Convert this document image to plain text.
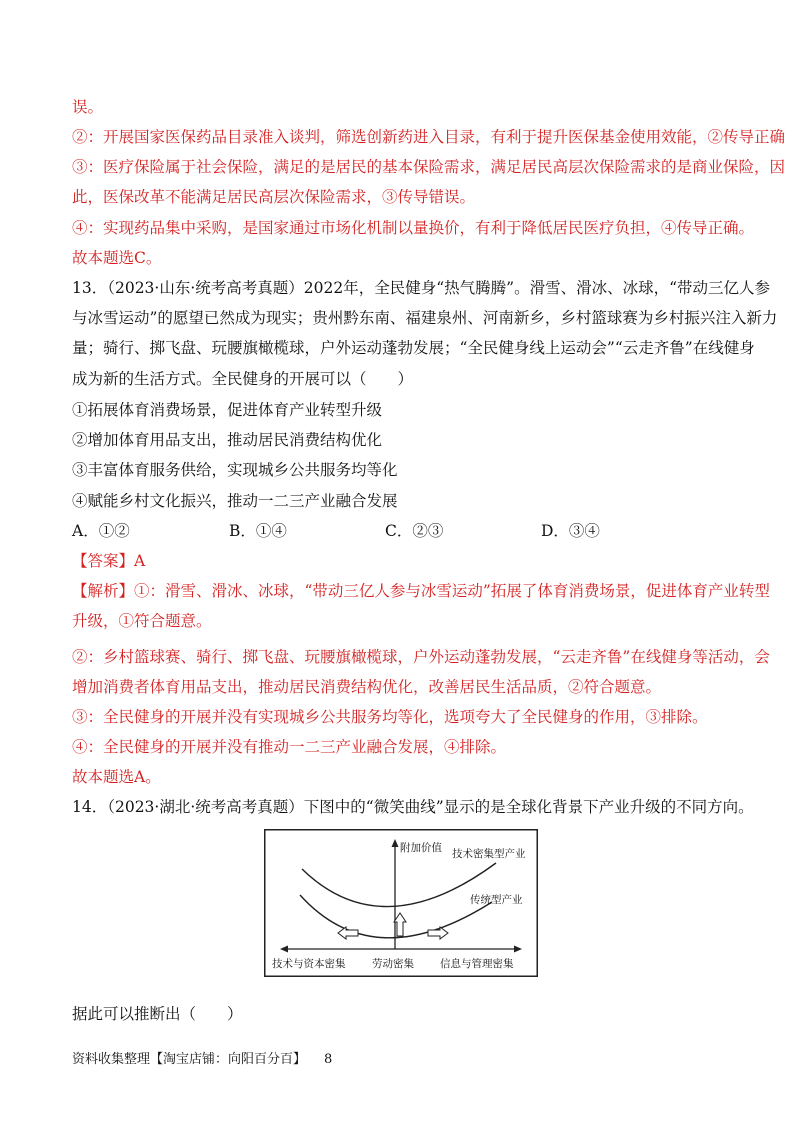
误。
②：开展国家医保药品目录准入谈判，筛选创新药进入目录，有利于提升医保基金使用效能，②传导正确
③：医疗保险属于社会保险，满足的是居民的基本保险需求，满足居民高层次保险需求的是商业保险，因
此，医保改革不能满足居民高层次保险需求，③传导错误。
④：实现药品集中采购，是国家通过市场化机制以量换价，有利于降低居民医疗负担，④传导正确。
故本题选C。
13．（2023·山东·统考高考真题）2022年，全民健身“热气腾腾”。滑雪、滑冰、冰球，“带动三亿人参
与冰雪运动”的愿望已然成为现实；贵州黔东南、福建泉州、河南新乡，乡村篮球赛为乡村振兴注入新力
量；骑行、掷飞盘、玩腰旗橄榄球，户外运动蓬勃发展；“全民健身线上运动会”“云走齐鲁”在线健身
成为新的生活方式。全民健身的开展可以（　　）
①拓展体育消费场景，促进体育产业转型升级
②增加体育用品支出，推动居民消费结构优化
③丰富体育服务供给，实现城乡公共服务均等化
④赋能乡村文化振兴，推动一二三产业融合发展
A．①②	B．①④	C．②③	D．③④
【答案】A
【解析】①：滑雪、滑冰、冰球，“带动三亿人参与冰雪运动”拓展了体育消费场景，促进体育产业转型
升级，①符合题意。
②：乡村篮球赛、骑行、掷飞盘、玩腰旗橄榄球，户外运动蓬勃发展，“云走齐鲁”在线健身等活动，会
增加消费者体育用品支出，推动居民消费结构优化，改善居民生活品质，②符合题意。
③：全民健身的开展并没有实现城乡公共服务均等化，选项夸大了全民健身的作用，③排除。
④：全民健身的开展并没有推动一二三产业融合发展，④排除。
故本题选A。
14．（2023·湖北·统考高考真题）下图中的“微笑曲线”显示的是全球化背景下产业升级的不同方向。
附加价值 技术密集型产业
传统型产业
技术与资本密集	劳动密集 信息与管理密集
据此可以推断出（　　）
资料收集整理【淘宝店铺：向阳百分百】 8
